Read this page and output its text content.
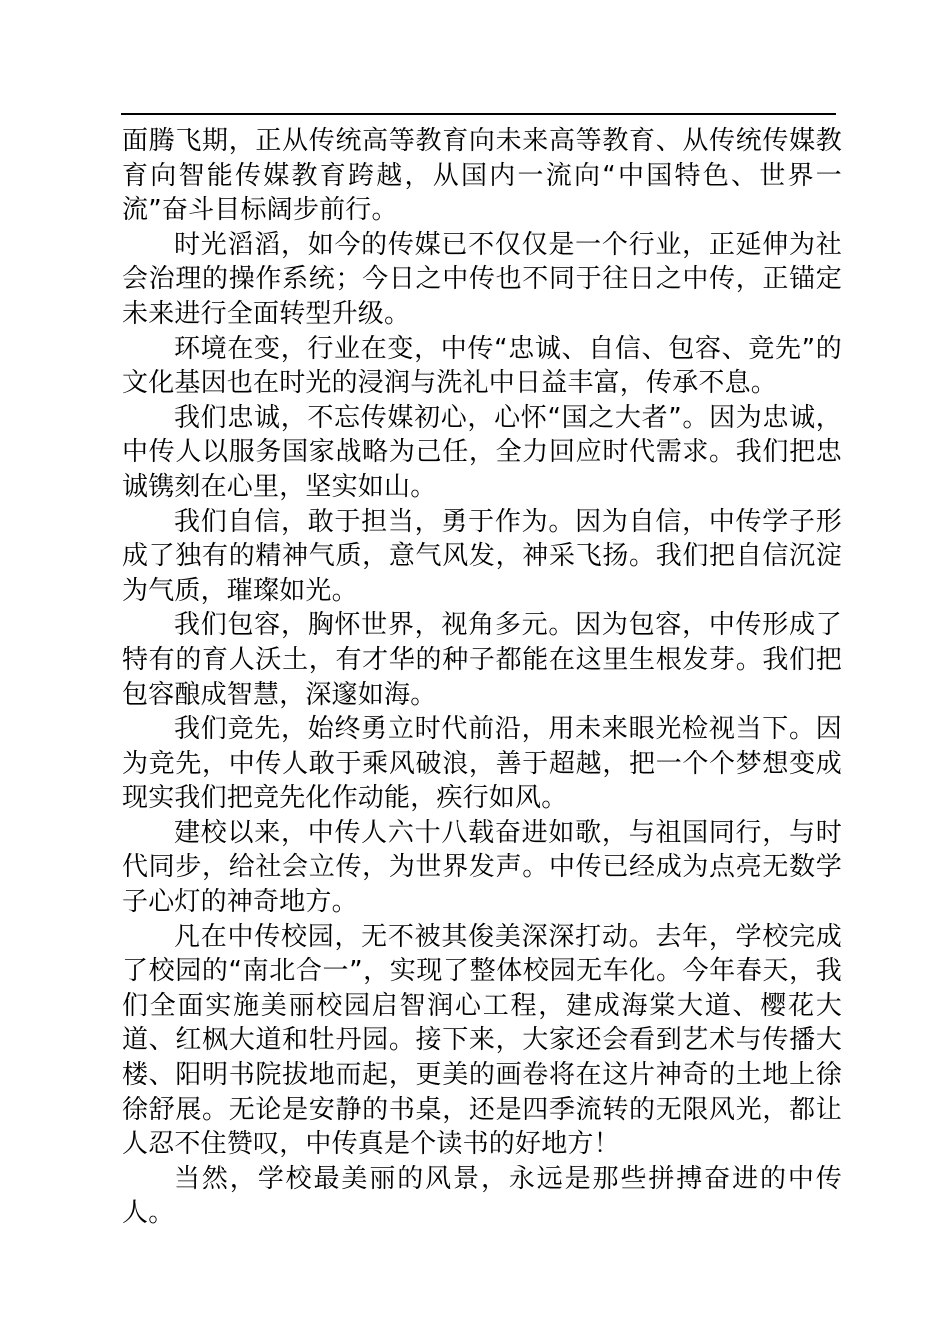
面腾飞期，正从传统高等教育向未来高等教育、从传统传媒教育向智能传媒教育跨越，从国内一流向“中国特色、世界一流”奋斗目标阔步前行。

时光滔滔，如今的传媒已不仅仅是一个行业，正延伸为社会治理的操作系统；今日之中传也不同于往日之中传，正锚定未来进行全面转型升级。

环境在变，行业在变，中传“忠诚、自信、包容、竞先”的文化基因也在时光的浸润与洗礼中日益丰富，传承不息。

我们忠诚，不忘传媒初心，心怀“国之大者”。因为忠诚，中传人以服务国家战略为己任，全力回应时代需求。我们把忠诚镌刻在心里，坚实如山。

我们自信，敢于担当，勇于作为。因为自信，中传学子形成了独有的精神气质，意气风发，神采飞扬。我们把自信沉淀为气质，璀璨如光。

我们包容，胸怀世界，视角多元。因为包容，中传形成了特有的育人沃土，有才华的种子都能在这里生根发芽。我们把包容酿成智慧，深邃如海。

我们竞先，始终勇立时代前沿，用未来眼光检视当下。因为竞先，中传人敢于乘风破浪，善于超越，把一个个梦想变成现实我们把竞先化作动能，疾行如风。

建校以来，中传人六十八载奋进如歌，与祖国同行，与时代同步，给社会立传，为世界发声。中传已经成为点亮无数学子心灯的神奇地方。

凡在中传校园，无不被其俊美深深打动。去年，学校完成了校园的“南北合一”，实现了整体校园无车化。今年春天，我们全面实施美丽校园启智润心工程，建成海棠大道、樱花大道、红枫大道和牡丹园。接下来，大家还会看到艺术与传播大楼、阳明书院拔地而起，更美的画卷将在这片神奇的土地上徐徐舒展。无论是安静的书桌，还是四季流转的无限风光，都让人忍不住赞叹，中传真是个读书的好地方！

当然，学校最美丽的风景，永远是那些拼搏奋进的中传人。
